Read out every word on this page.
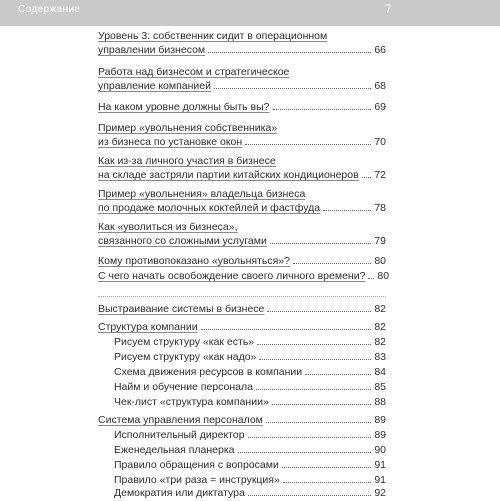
Содержание	7
Уровень 3: собственник сидит в операционном
управлении бизнесом	66
Работа над бизнесом и стратегическое
управление компанией	68
На каком уровне должны быть вы?	69
Пример «увольнения собственника»
из бизнеса по установке окон	70
Как из-за личного участия в бизнесе
на складе застряли партии китайских кондиционеров 72
Пример «увольнения» владельца бизнеса
по продаже молочных коктейлей и фастфуда	78
Как «уволиться из бизнеса»,
связанного со сложными услугами	79
Кому противопоказано «увольняться»?	80
С чего начать освобождение своего личного времени? 80
Выстраивание системы в бизнесе	82
Структура компании	82
Рисуем структуру «как есть»	82
Рисуем структуру «как надо»	83
Схема движения ресурсов в компании	84
Найм и обучение персонала	85
Чек-лист «структура компании»	88
Система управления персоналом	89
Исполнительный директор	89
Еженедельная планерка	90
Правило обращения с вопросами	91
Правило «три раза = инструкция»	91
Демократия или диктатура	92
